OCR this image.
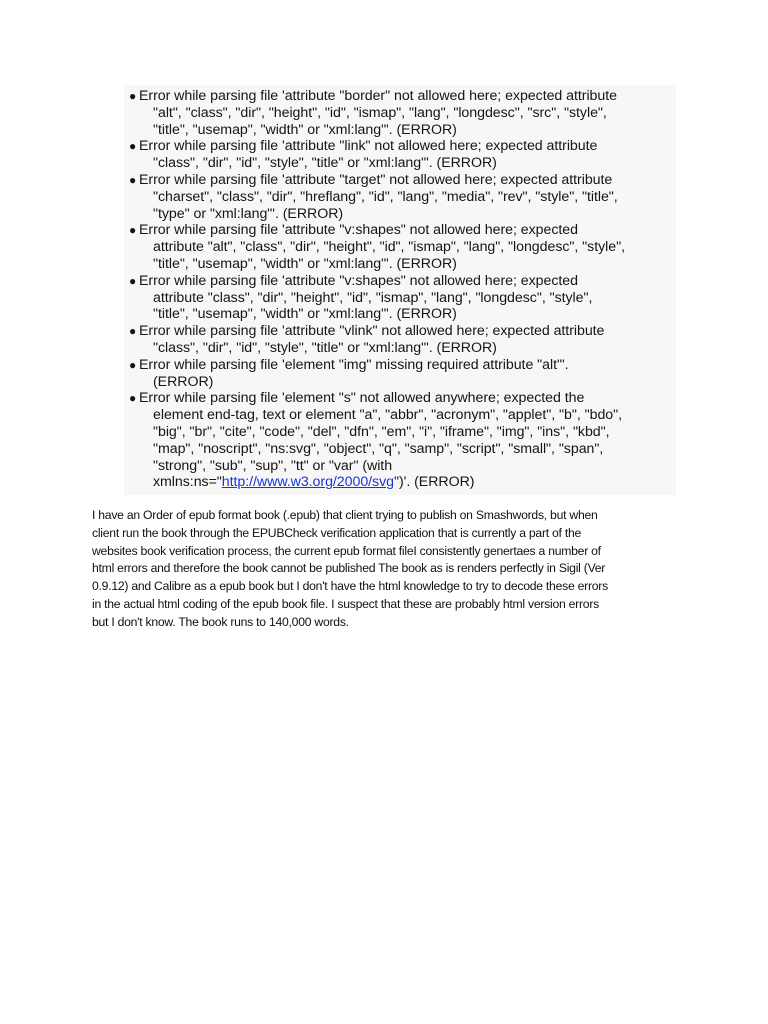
● Error while parsing file 'attribute "border" not allowed here; expected attribute
"alt", "class", "dir", "height", "id", "ismap", "lang", "longdesc", "src", "style",
"title", "usemap", "width" or "xml:lang"'. (ERROR)
● Error while parsing file 'attribute "link" not allowed here; expected attribute
"class", "dir", "id", "style", "title" or "xml:lang"'. (ERROR)
● Error while parsing file 'attribute "target" not allowed here; expected attribute
"charset", "class", "dir", "hreflang", "id", "lang", "media", "rev", "style", "title",
"type" or "xml:lang"'. (ERROR)
● Error while parsing file 'attribute "v:shapes" not allowed here; expected
attribute "alt", "class", "dir", "height", "id", "ismap", "lang", "longdesc", "style",
"title", "usemap", "width" or "xml:lang"'. (ERROR)
● Error while parsing file 'attribute "v:shapes" not allowed here; expected
attribute "class", "dir", "height", "id", "ismap", "lang", "longdesc", "style",
"title", "usemap", "width" or "xml:lang"'. (ERROR)
● Error while parsing file 'attribute "vlink" not allowed here; expected attribute
"class", "dir", "id", "style", "title" or "xml:lang"'. (ERROR)
● Error while parsing file 'element "img" missing required attribute "alt"'.
(ERROR)
● Error while parsing file 'element "s" not allowed anywhere; expected the
element end-tag, text or element "a", "abbr", "acronym", "applet", "b", "bdo",
"big", "br", "cite", "code", "del", "dfn", "em", "i", "iframe", "img", "ins", "kbd",
"map", "noscript", "ns:svg", "object", "q", "samp", "script", "small", "span",
"strong", "sub", "sup", "tt" or "var" (with
xmlns:ns="http://www.w3.org/2000/svg")'. (ERROR)

I have an Order of epub format book (.epub) that client trying to publish on Smashwords, but when
client run the book through the EPUBCheck verification application that is currently a part of the
websites book verification process, the current epub format fileI consistently genertaes a number of
html errors and therefore the book cannot be published The book as is renders perfectly in Sigil (Ver
0.9.12) and Calibre as a epub book but I don't have the html knowledge to try to decode these errors
in the actual html coding of the epub book file. I suspect that these are probably html version errors
but I don't know. The book runs to 140,000 words.
